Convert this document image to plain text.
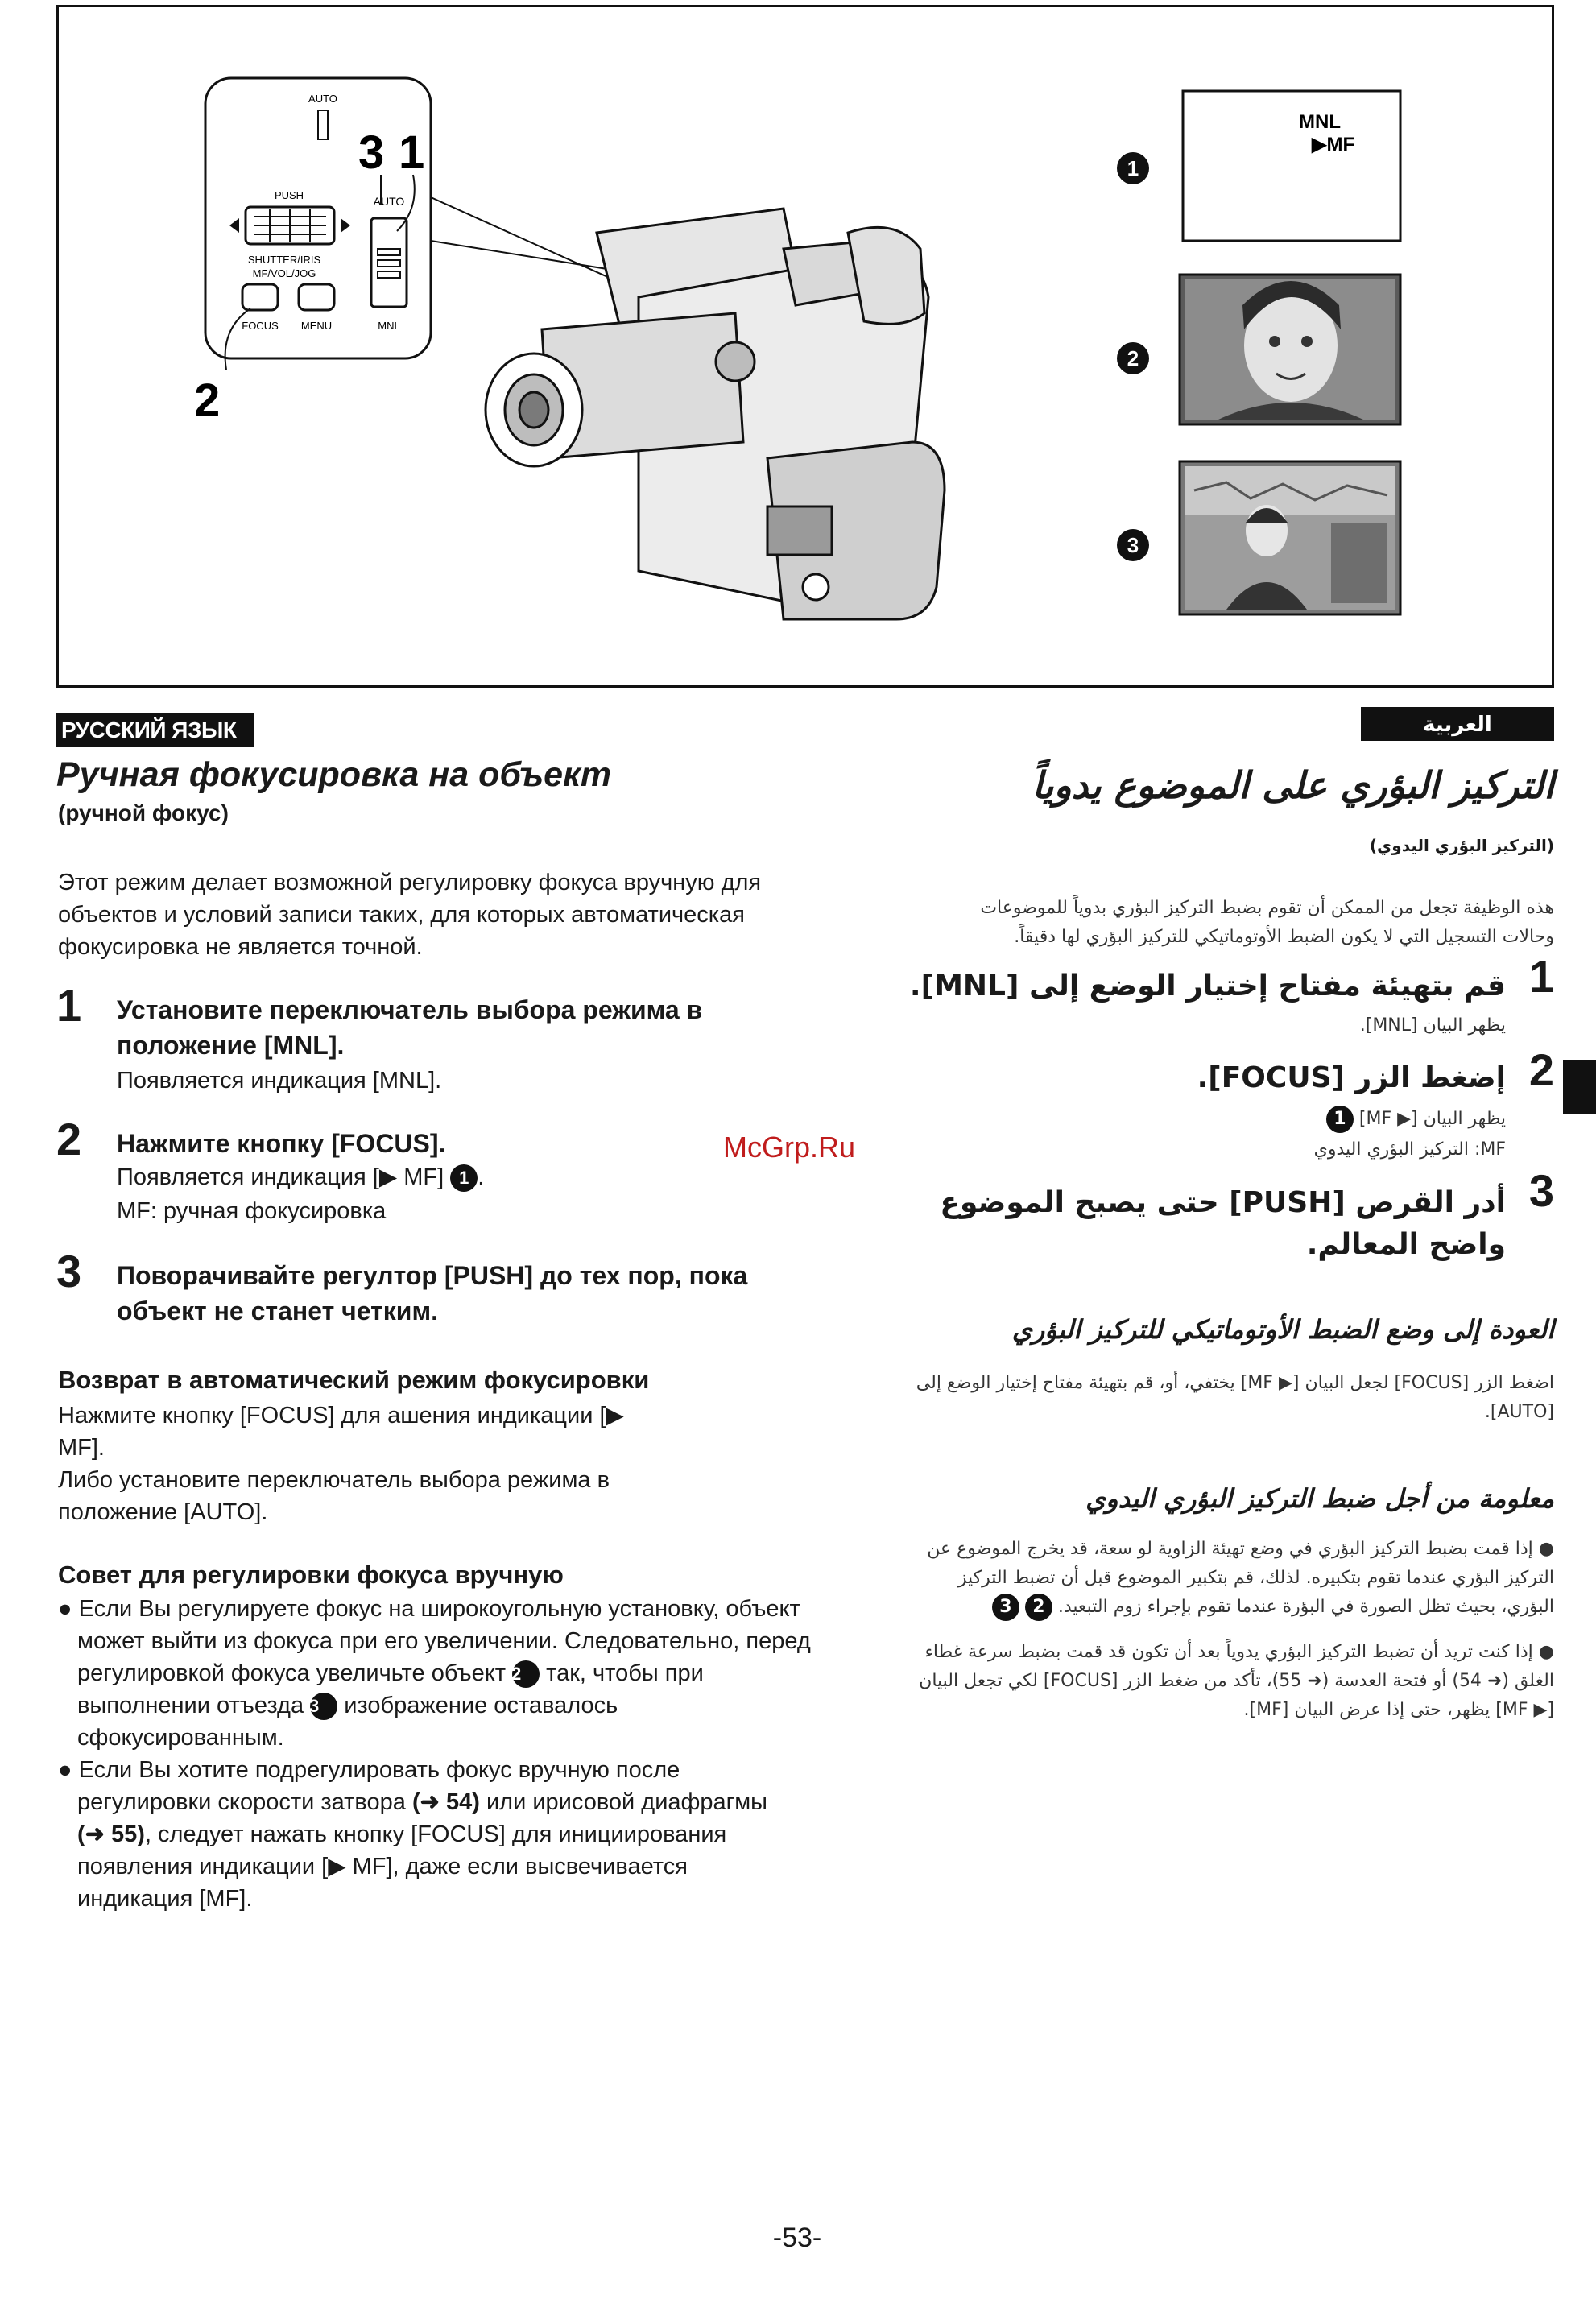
AUTO
PUSH
SHUTTER/IRIS
MF/VOL/JOG
FOCUS MENU
AUTO
MNL
3 1
2
MNL
▶MF
1
2
3
РУССКИЙ ЯЗЫК	العربية
Ручная фокусировка на объект
(ручной фокус)
Этот режим делает возможной регулировку фокуса вручную для объектов и условий записи таких, для которых автоматическая фокусировка не является точной.
1 Установите переключатель выбора режима в положение [MNL].
Появляется индикация [MNL].
2 Нажмите кнопку [FOCUS].
Появляется индикация [▶ MF] 1 .
MF: ручная фокусировка
3 Поворачивайте регултор [PUSH] до тех пор, пока объект не станет четким.
Возврат в автоматический режим фокусировки
Нажмите кнопку [FOCUS] для ашения индикации [▶ MF].
Либо установите переключатель выбора режима в положение [AUTO].
Совет для регулировки фокуса вручную
● Если Вы регулируете фокус на широкоугольную установку, объект может выйти из фокуса при его увеличении. Следовательно, перед регулировкой фокуса увеличьте объект 2 так, чтобы при выполнении отъезда 3 изображение оставалось сфокусированным.
● Если Вы хотите подрегулировать фокус вручную после регулировки скорости затвора (➜ 54) или ирисовой диафрагмы (➜ 55), следует нажать кнопку [FOCUS] для инициирования появления индикации [▶ MF], даже если высвечивается индикация [MF].
McGrp.Ru
التركيز البؤري على الموضوع يدوياً
(التركيز البؤري اليدوي)
هذه الوظيفة تجعل من الممكن أن تقوم بضبط التركيز البؤري بدوياً للموضوعات وحالات التسجيل التي لا يكون الضبط الأوتوماتيكي للتركيز البؤري لها دقيقاً.
1
قم بتهيئة مفتاح إختيار الوضع إلى [MNL].
يظهر البيان [MNL].
2
إضغط الزر [FOCUS].
يظهر البيان [▶ MF] 1
MF: التركيز البؤري اليدوي
3
أدر القرص [PUSH] حتى يصبح الموضوع واضح المعالم.
العودة إلى وضع الضبط الأوتوماتيكي للتركيز البؤري
اضغط الزر [FOCUS] لجعل البيان [▶ MF] يختفي، أو، قم بتهيئة مفتاح إختيار الوضع إلى [AUTO].
معلومة من أجل ضبط التركيز البؤري اليدوي
● إذا قمت بضبط التركيز البؤري في وضع تهيئة الزاوية لو سعة، قد يخرج الموضوع عن التركيز البؤري عندما تقوم بتكبيره. لذلك، قم بتكبير الموضوع قبل أن تضبط التركيز البؤري، بحيث تظل الصورة في البؤرة عندما تقوم بإجراء زوم التبعيد. 2 3
● إذا كنت تريد أن تضبط التركيز البؤري يدوياً بعد أن تكون قد قمت بضبط سرعة غطاء الغلق (➜ 54) أو فتحة العدسة (➜ 55)، تأكد من ضغط الزر [FOCUS] لكي تجعل البيان [▶ MF] يظهر، حتى إذا عرض البيان [MF].
-53-
